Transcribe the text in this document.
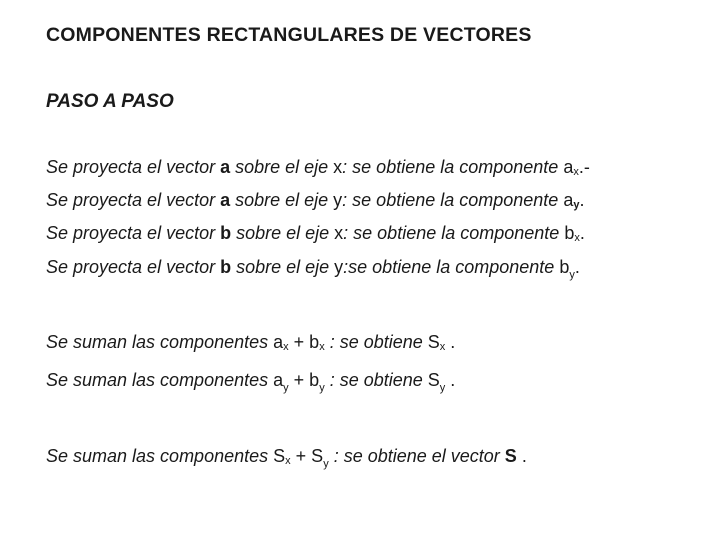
COMPONENTES RECTANGULARES DE VECTORES
PASO A PASO
Se proyecta el vector a sobre el eje x: se obtiene la componente $a_x.-$
Se proyecta el vector a sobre el eje y: se obtiene la componente $a_y$.
Se proyecta el vector b sobre el eje x: se obtiene la componente $b_x$.
Se proyecta el vector b sobre el eje y:se obtiene la componente $b_y$.
Se suman las componentes $a_x + b_x$ : se obtiene $S_x$ .
Se suman las componentes $a_y + b_y$ : se obtiene $S_y$ .
Se suman las componentes $S_x + S_y$ : se obtiene el vector S .
